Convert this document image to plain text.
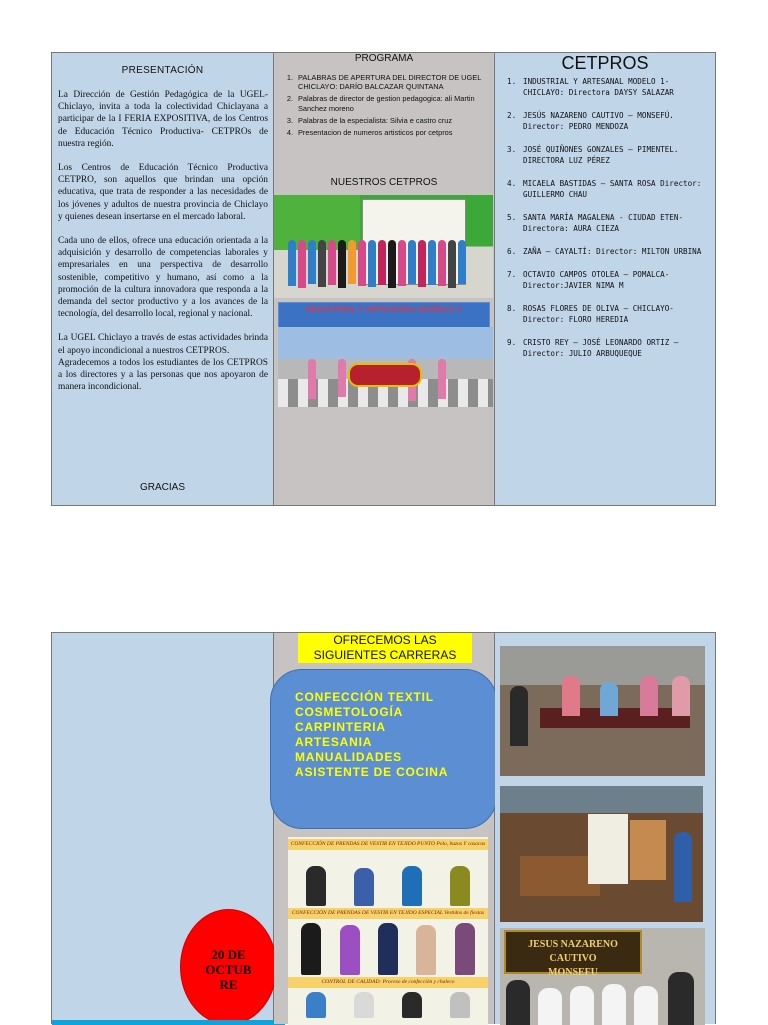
PRESENTACIÓN

La Dirección de Gestión Pedagógica de la UGEL- Chiclayo, invita a toda la colectividad Chiclayana a participar de la I FERIA EXPOSITIVA, de los Centros de Educación Técnico Productiva- CETPROs de nuestra región.

Los Centros de Educación Técnico Productiva CETPRO, son aquellos que brindan una opción educativa, que trata de responder a las necesidades de los jóvenes y adultos de nuestra provincia de Chiclayo y quienes desean insertarse en el mercado laboral.

Cada uno de ellos, ofrece una educación orientada a la adquisición y desarrollo de competencias laborales y empresariales en una perspectiva de desarrollo sostenible, competitivo y humano, así como a la promoción de la cultura innovadora que responda a la demanda del sector productivo y a los avances de la tecnología, del desarrollo local, regional y nacional.

La UGEL Chiclayo a través de estas actividades brinda el apoyo incondicional a nuestros CETPROS.

Agradecemos a todos los estudiantes de los CETPROS a los directores y a las personas que nos apoyaron de manera incondicional.

GRACIAS
PROGRAMA
1. PALABRAS DE APERTURA DEL DIRECTOR DE UGEL CHICLAYO: DARÍO BALCAZAR QUINTANA
2. Palabras de director de gestion pedagogica: ali Martin Sanchez moreno
3. Palabras de la especialista: Silvia e castro cruz
4. Presentacion de numeros artisticos por cetpros
NUESTROS CETPROS
INDUSTRIAL Y ARTESANAL MODELO 1
CETPROS
1. INDUSTRIAL Y ARTESANAL MODELO 1- CHICLAYO: Directora DAYSY SALAZAR
2. JESÚS NAZARENO CAUTIVO – MONSEFÚ. Director: PEDRO MENDOZA
3. JOSÉ QUIÑONES GONZALES – PIMENTEL. DIRECTORA LUZ PÉREZ
4. MICAELA BASTIDAS – SANTA ROSA Director: GUILLERMO CHAU
5. SANTA MARÍA MAGALENA - CIUDAD ETEN-Directora: AURA CIEZA
6. ZAÑA – CAYALTÍ: Director: MILTON URBINA
7. OCTAVIO CAMPOS OTOLEA – POMALCA- Director:JAVIER NIMA M
8. ROSAS FLORES DE OLIVA – CHICLAYO- Director: FLORO HEREDIA
9. CRISTO REY – JOSÉ LEONARDO ORTIZ – Director: JULIO ARBUQUEQUE
20 DE
OCTUB
RE
OFRECEMOS LAS
SIGUIENTES CARRERAS
CONFECCIÓN TEXTIL
COSMETOLOGÍA
CARPINTERIA
ARTESANIA
MANUALIDADES
ASISTENTE DE COCINA
CONFECCIÓN DE PRENDAS DE VESTIR EN TEJIDO PUNTO Polo, buzos Y casacas
CONFECCIÓN DE PRENDAS DE VESTIR EN TEJIDO ESPECIAL Vestidos de fiestas
CONTROL DE CALIDAD: Proceso de confección y chaleco
JESUS NAZARENO CAUTIVO
MONSEFU
